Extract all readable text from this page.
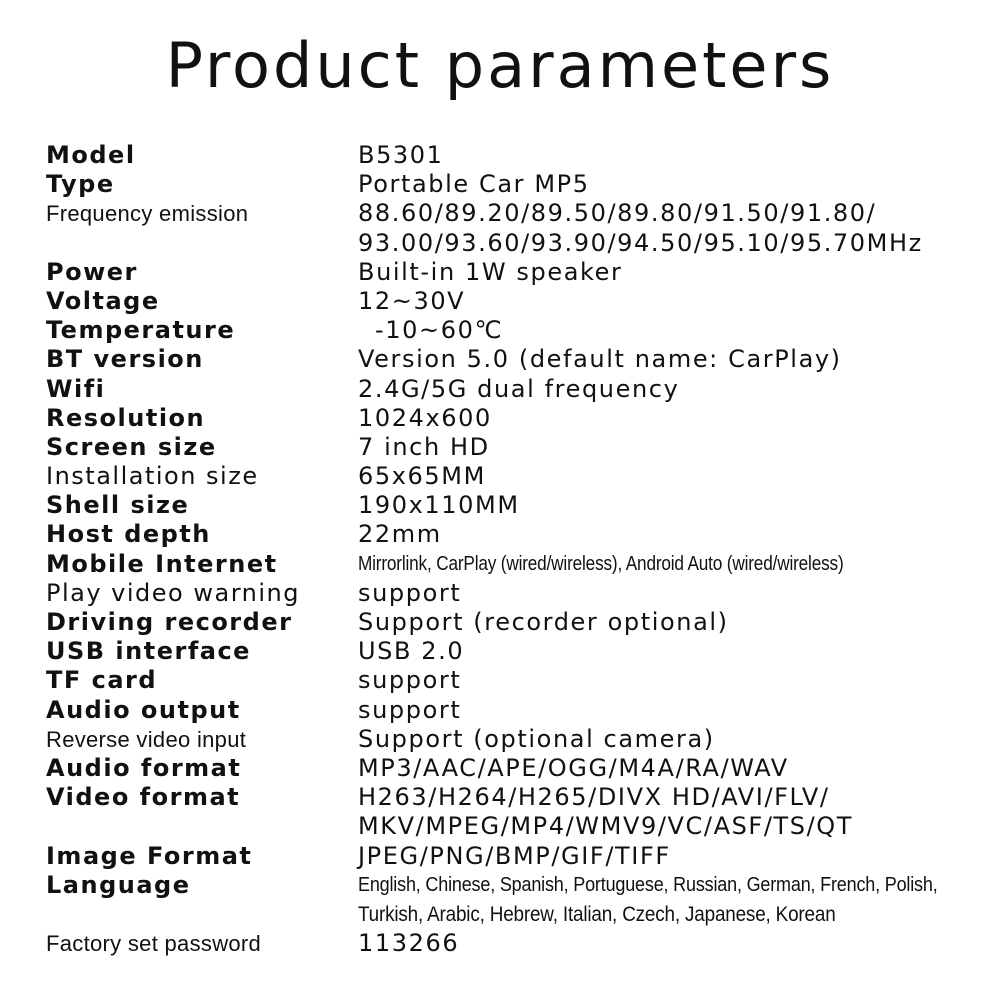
Product parameters
Model	B5301
Type	Portable Car MP5
Frequency emission	88.60/89.20/89.50/89.80/91.50/91.80/
93.00/93.60/93.90/94.50/95.10/95.70MHz
Power	Built-in 1W speaker
Voltage	12~30V
Temperature	-10~60℃
BT version	Version 5.0 (default name: CarPlay)
Wifi	2.4G/5G dual frequency
Resolution	1024x600
Screen size	7 inch HD
Installation size	65x65MM
Shell size	190x110MM
Host depth	22mm
Mobile Internet	Mirrorlink, CarPlay (wired/wireless), Android Auto (wired/wireless)
Play video warning	support
Driving recorder	Support (recorder optional)
USB interface	USB 2.0
TF card	support
Audio output	support
Reverse video input	Support (optional camera)
Audio format	MP3/AAC/APE/OGG/M4A/RA/WAV
Video format	H263/H264/H265/DIVX HD/AVI/FLV/
MKV/MPEG/MP4/WMV9/VC/ASF/TS/QT
Image Format	JPEG/PNG/BMP/GIF/TIFF
Language	English, Chinese, Spanish, Portuguese, Russian, German, French, Polish,
Turkish, Arabic, Hebrew, Italian, Czech, Japanese, Korean
Factory set password	113266
